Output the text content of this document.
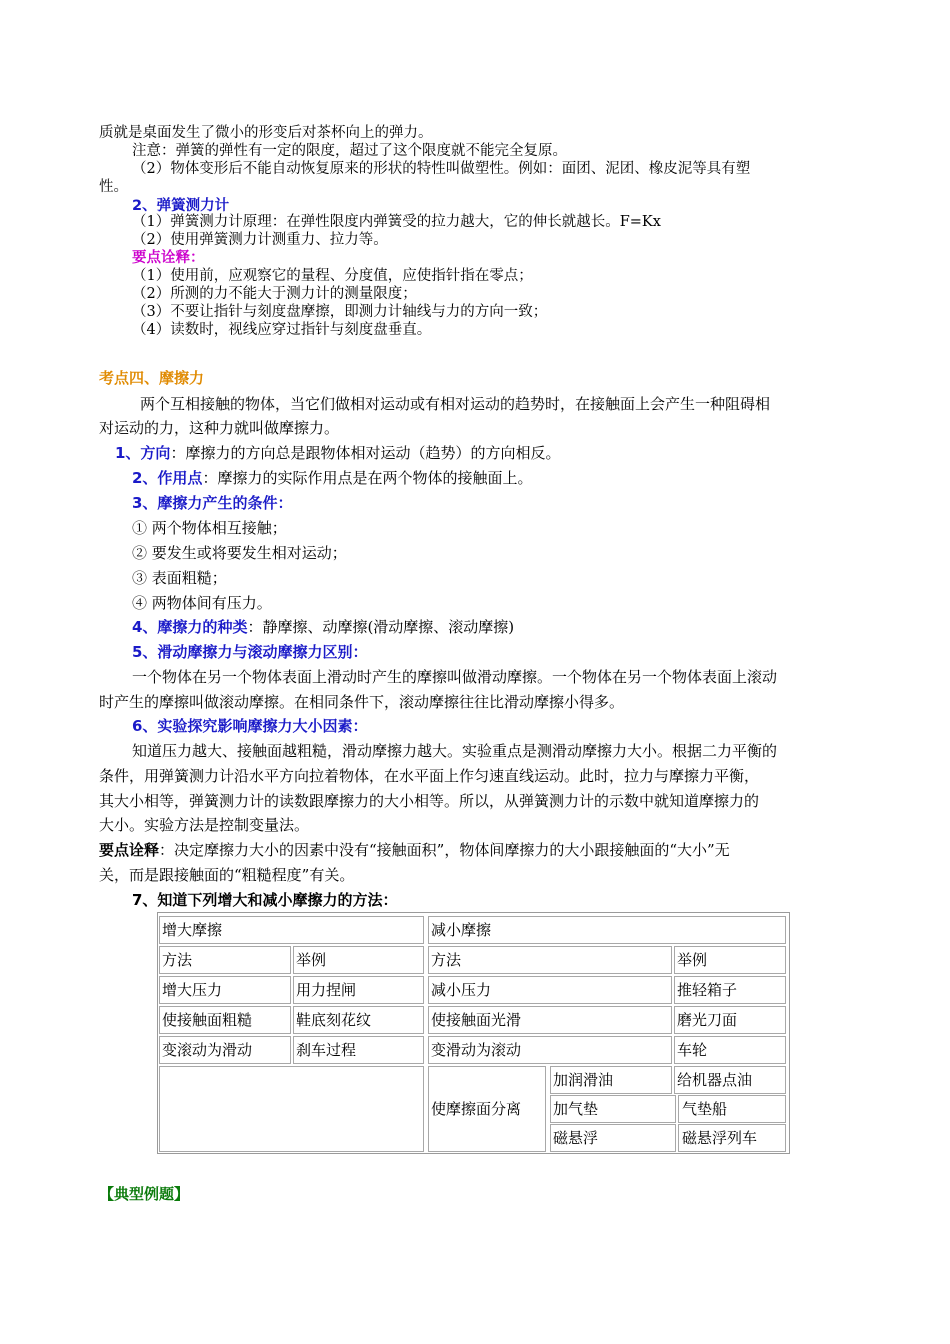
质就是桌面发生了微小的形变后对茶杯向上的弹力。
注意：弹簧的弹性有一定的限度，超过了这个限度就不能完全复原。
（2）物体变形后不能自动恢复原来的形状的特性叫做塑性。例如：面团、泥团、橡皮泥等具有塑
性。
2、弹簧测力计
（1）弹簧测力计原理：在弹性限度内弹簧受的拉力越大，它的伸长就越长。F=Kx
（2）使用弹簧测力计测重力、拉力等。
要点诠释：
（1）使用前，应观察它的量程、分度值，应使指针指在零点；
（2）所测的力不能大于测力计的测量限度；
（3）不要让指针与刻度盘摩擦，即测力计轴线与力的方向一致；
（4）读数时，视线应穿过指针与刻度盘垂直。
考点四、摩擦力
两个互相接触的物体，当它们做相对运动或有相对运动的趋势时，在接触面上会产生一种阻碍相
对运动的力，这种力就叫做摩擦力。
1、方向：摩擦力的方向总是跟物体相对运动（趋势）的方向相反。
2、作用点：摩擦力的实际作用点是在两个物体的接触面上。
3、摩擦力产生的条件：
① 两个物体相互接触；
② 要发生或将要发生相对运动；
③ 表面粗糙；
④ 两物体间有压力。
4、摩擦力的种类：静摩擦、动摩擦(滑动摩擦、滚动摩擦)
5、滑动摩擦力与滚动摩擦力区别：
一个物体在另一个物体表面上滑动时产生的摩擦叫做滑动摩擦。一个物体在另一个物体表面上滚动
时产生的摩擦叫做滚动摩擦。在相同条件下，滚动摩擦往往比滑动摩擦小得多。
6、实验探究影响摩擦力大小因素：
知道压力越大、接触面越粗糙，滑动摩擦力越大。实验重点是测滑动摩擦力大小。根据二力平衡的
条件，用弹簧测力计沿水平方向拉着物体，在水平面上作匀速直线运动。此时，拉力与摩擦力平衡，
其大小相等，弹簧测力计的读数跟摩擦力的大小相等。所以，从弹簧测力计的示数中就知道摩擦力的
大小。实验方法是控制变量法。
要点诠释：决定摩擦力大小的因素中没有“接触面积”，物体间摩擦力的大小跟接触面的“大小”无
关，而是跟接触面的“粗糙程度”有关。
7、知道下列增大和减小摩擦力的方法：
增大摩擦	减小摩擦
方法	举例	方法	举例
增大压力	用力捏闸	减小压力	推轻箱子
使接触面粗糙	鞋底刻花纹	使接触面光滑	磨光刀面
变滚动为滑动	刹车过程	变滑动为滚动	车轮
使摩擦面分离
加润滑油	给机器点油
加气垫	气垫船
磁悬浮	磁悬浮列车
【典型例题】
